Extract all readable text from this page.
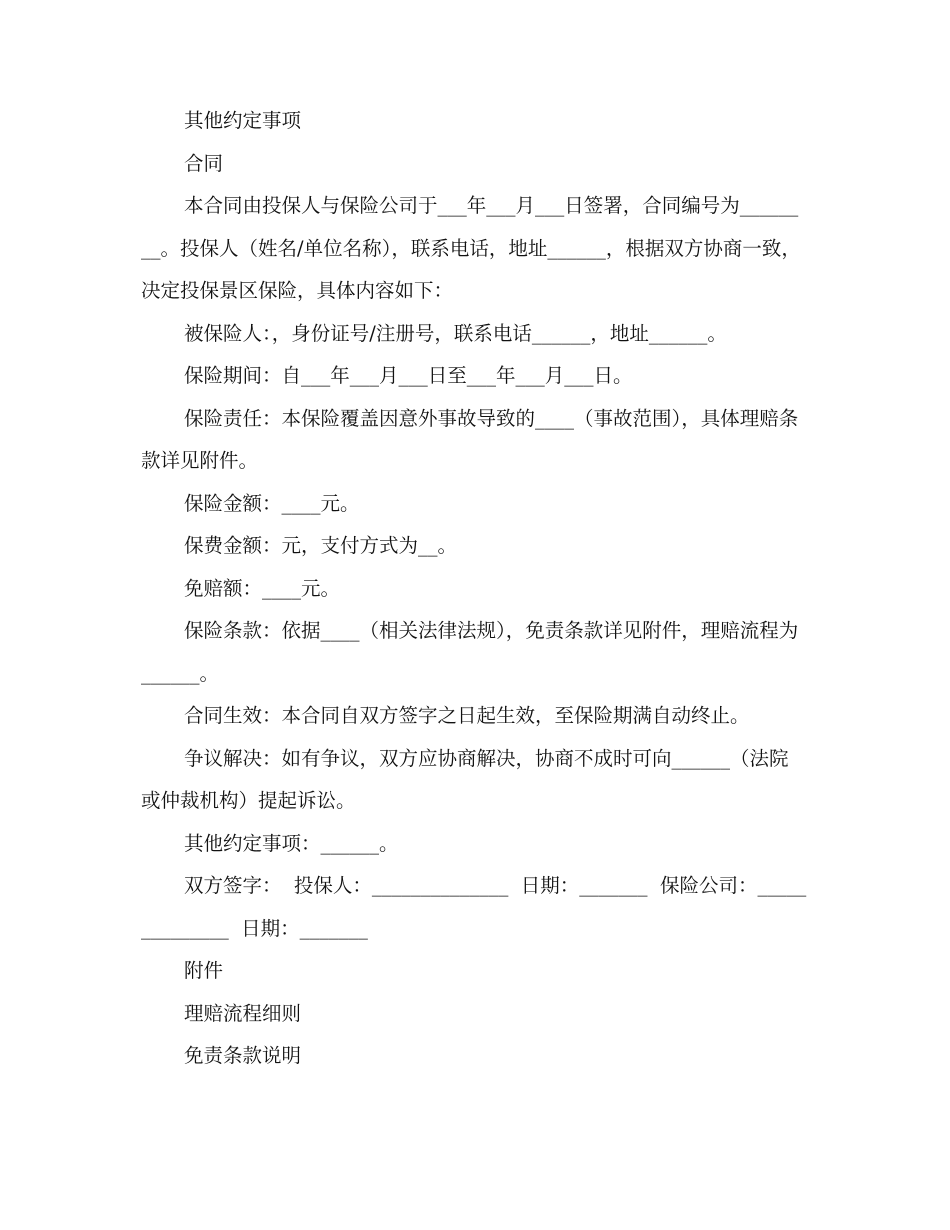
其他约定事项

合同

本合同由投保人与保险公司于___年___月___日签署，合同编号为________。投保人（姓名/单位名称），联系电话，地址______，根据双方协商一致，决定投保景区保险，具体内容如下：

被保险人：，身份证号/注册号，联系电话______，地址______。

保险期间：自___年___月___日至___年___月___日。

保险责任：本保险覆盖因意外事故导致的____（事故范围），具体理赔条款详见附件。

保险金额：____元。

保费金额：元，支付方式为__。

免赔额：____元。

保险条款：依据____（相关法律法规），免责条款详见附件，理赔流程为______。

合同生效：本合同自双方签字之日起生效，至保险期满自动终止。

争议解决：如有争议，双方应协商解决，协商不成时可向______（法院或仲裁机构）提起诉讼。

其他约定事项：______。

双方签字：  投保人：______________  日期：_______  保险公司：______________  日期：_______

附件

理赔流程细则

免责条款说明
